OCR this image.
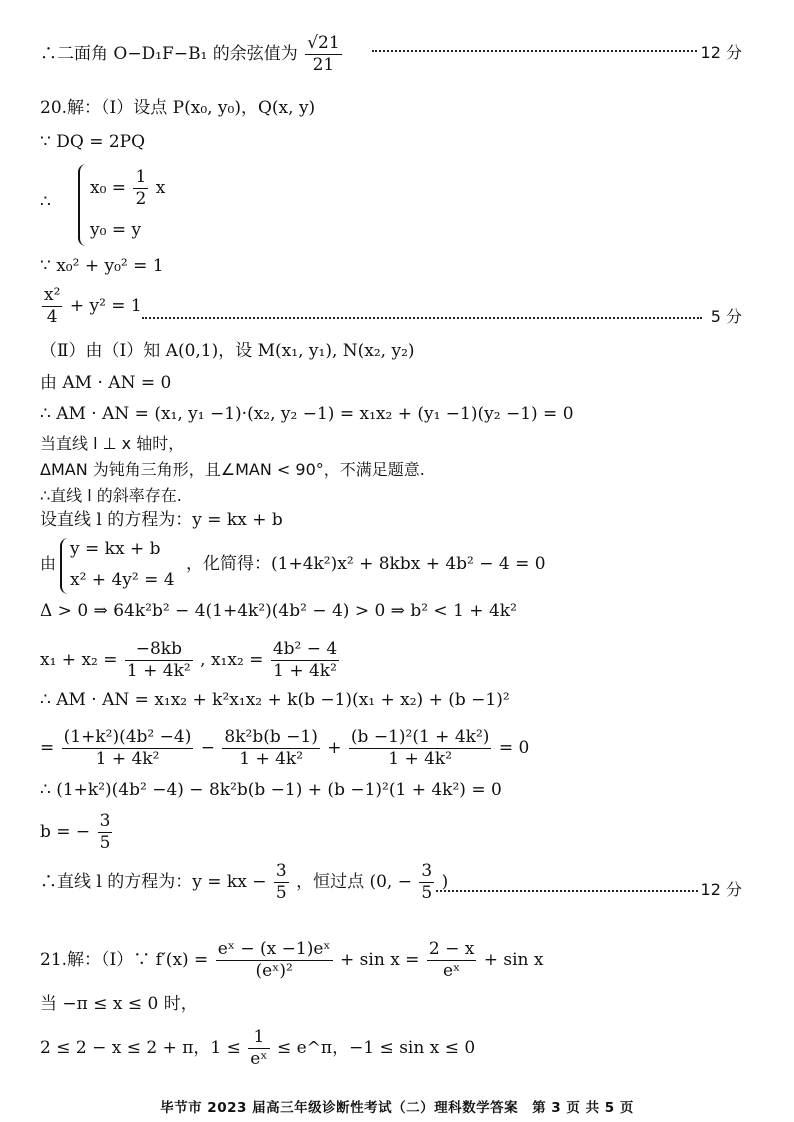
∴二面角 O−D₁F−B₁ 的余弦值为 $\frac{√21}{21}$	12 分
20.解：（Ⅰ）设点 P(x₀, y₀)，Q(x, y)
∵ DQ = 2PQ
∴
$x_0 = \frac{1}{2}$ x
y₀ = y
∵ x₀² + y₀² = 1
$\frac{\text{x²}}{4} + y^2 = 1$
5 分
（Ⅱ）由（Ⅰ）知 A(0,1)，设 M(x₁, y₁), N(x₂, y₂)
由 AM · AN = 0
∴ AM · AN = (x₁, y₁ −1)·(x₂, y₂ −1) = x₁x₂ + (y₁ −1)(y₂ −1) = 0
当直线 l ⊥ x 轴时，
ΔMAN 为钝角三角形，且∠MAN < 90°，不满足题意.
∴直线 l 的斜率存在.
设直线 l 的方程为：y = kx + b
由
y = kx + b
x² + 4y² = 4
，化简得：(1+4k²)x² + 8kbx + 4b² − 4 = 0
Δ > 0 ⇒ 64k²b² − 4(1+4k²)(4b² − 4) > 0 ⇒ b² < 1 + 4k²
$x_1 + x_2 = \frac{-8kb}{\text{1 + 4k²}}$ , $x_1x_2 = \frac{\text{4b² − 4}}{\text{1 + 4k²}}$
∴ AM · AN = x₁x₂ + k²x₁x₂ + k(b −1)(x₁ + x₂) + (b −1)²
= $\frac{\text{(1+k²)(4b² −4)}}{\text{1 + 4k²}} - \frac{\text{8k²b(b −1)}}{\text{1 + 4k²}} + \frac{\text{(b −1)²(1 + 4k²)}}{\text{1 + 4k²}} = 0$
∴ (1+k²)(4b² −4) − 8k²b(b −1) + (b −1)²(1 + 4k²) = 0
b = − $\frac{3}{5}$
∴直线 l 的方程为：y = kx − $\frac{3}{5}$ ，恒过点 (0, − $\frac{3}{5}$ )	12 分
21.解：（Ⅰ）∵ $f'(x) = \frac{\text{eˣ − (x −1)eˣ}}{\text{(eˣ)²}} + \sin x = \frac{2 - x}{\text{eˣ}} + \sin x$
当 −π ≤ x ≤ 0 时，
2 ≤ 2 − x ≤ 2 + π，$1 \le \frac{1}{\text{eˣ}}$ ≤ e^π，−1 ≤ sin x ≤ 0
毕节市 2023 届高三年级诊断性考试（二）理科数学答案　第 3 页 共 5 页
